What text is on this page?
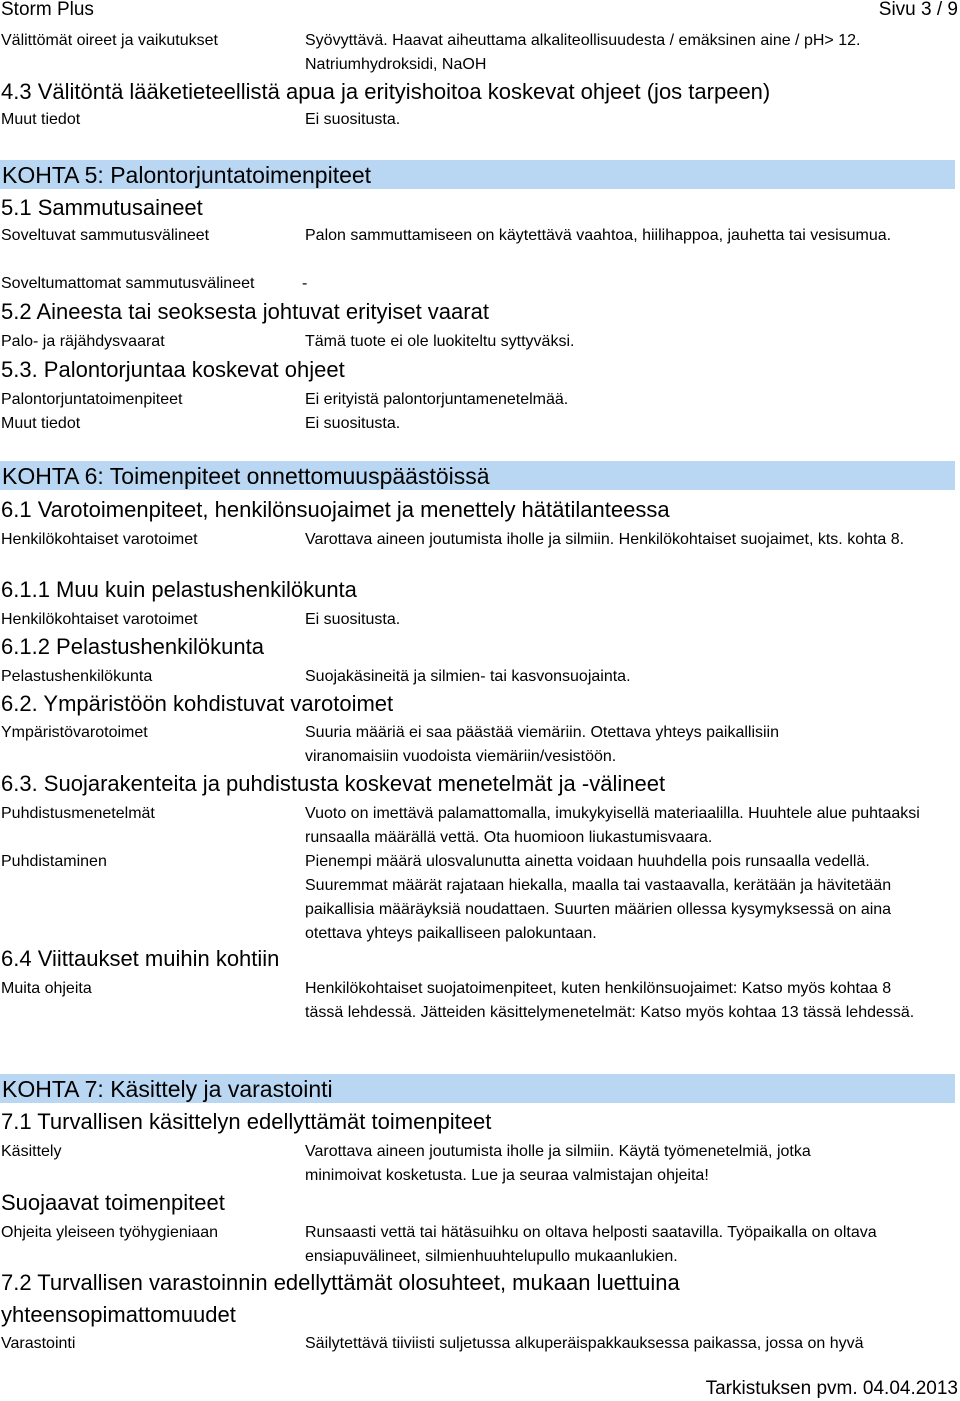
Storm Plus	Sivu 3 / 9
Välittömät oireet ja vaikutukset	Syövyttävä. Haavat aiheuttama alkaliteollisuudesta / emäksinen aine / pH> 12. Natriumhydroksidi, NaOH
4.3 Välitöntä lääketieteellistä apua ja erityishoitoa koskevat ohjeet (jos tarpeen)
Muut tiedot	Ei suositusta.
KOHTA 5: Palontorjuntatoimenpiteet
5.1 Sammutusaineet
Soveltuvat sammutusvälineet	Palon sammuttamiseen on käytettävä vaahtoa, hiilihappoa, jauhetta tai vesisumua.
Soveltumattomat sammutusvälineet	-
5.2 Aineesta tai seoksesta johtuvat erityiset vaarat
Palo- ja räjähdysvaarat	Tämä tuote ei ole luokiteltu syttyväksi.
5.3. Palontorjuntaa koskevat ohjeet
Palontorjuntatoimenpiteet	Ei erityistä palontorjuntamenetelmää.
Muut tiedot	Ei suositusta.
KOHTA 6: Toimenpiteet onnettomuuspäästöissä
6.1 Varotoimenpiteet, henkilönsuojaimet ja menettely hätätilanteessa
Henkilökohtaiset varotoimet	Varottava aineen joutumista iholle ja silmiin. Henkilökohtaiset suojaimet, kts. kohta 8.
6.1.1 Muu kuin pelastushenkilökunta
Henkilökohtaiset varotoimet	Ei suositusta.
6.1.2 Pelastushenkilökunta
Pelastushenkilökunta	Suojakäsineitä ja silmien- tai kasvonsuojainta.
6.2. Ympäristöön kohdistuvat varotoimet
Ympäristövarotoimet	Suuria määriä ei saa päästää viemäriin. Otettava yhteys paikallisiin viranomaisiin vuodoista viemäriin/vesistöön.
6.3. Suojarakenteita ja puhdistusta koskevat menetelmät ja -välineet
Puhdistusmenetelmät	Vuoto on imettävä palamattomalla, imukykyisellä materiaalilla. Huuhtele alue puhtaaksi runsaalla määrällä vettä. Ota huomioon liukastumisvaara.
Puhdistaminen	Pienempi määrä ulosvalunutta ainetta voidaan huuhdella pois runsaalla vedellä. Suuremmat määrät rajataan hiekalla, maalla tai vastaavalla, kerätään ja hävitetään paikallisia määräyksiä noudattaen. Suurten määrien ollessa kysymyksessä on aina otettava yhteys paikalliseen palokuntaan.
6.4 Viittaukset muihin kohtiin
Muita ohjeita	Henkilökohtaiset suojatoimenpiteet, kuten henkilönsuojaimet: Katso myös kohtaa 8 tässä lehdessä. Jätteiden käsittelymenetelmät: Katso myös kohtaa 13 tässä lehdessä.
KOHTA 7: Käsittely ja varastointi
7.1 Turvallisen käsittelyn edellyttämät toimenpiteet
Käsittely	Varottava aineen joutumista iholle ja silmiin. Käytä työmenetelmiä, jotka minimoivat kosketusta. Lue ja seuraa valmistajan ohjeita!
Suojaavat toimenpiteet
Ohjeita yleiseen työhygieniaan	Runsaasti vettä tai hätäsuihku on oltava helposti saatavilla. Työpaikalla on oltava ensiapuvälineet, silmienhuuhtelupullo mukaanlukien.
7.2 Turvallisen varastoinnin edellyttämät olosuhteet, mukaan luettuina
yhteensopimattomuudet
Varastointi	Säilytettävä tiiviisti suljetussa alkuperäispakkauksessa paikassa, jossa on hyvä
Tarkistuksen pvm. 04.04.2013
